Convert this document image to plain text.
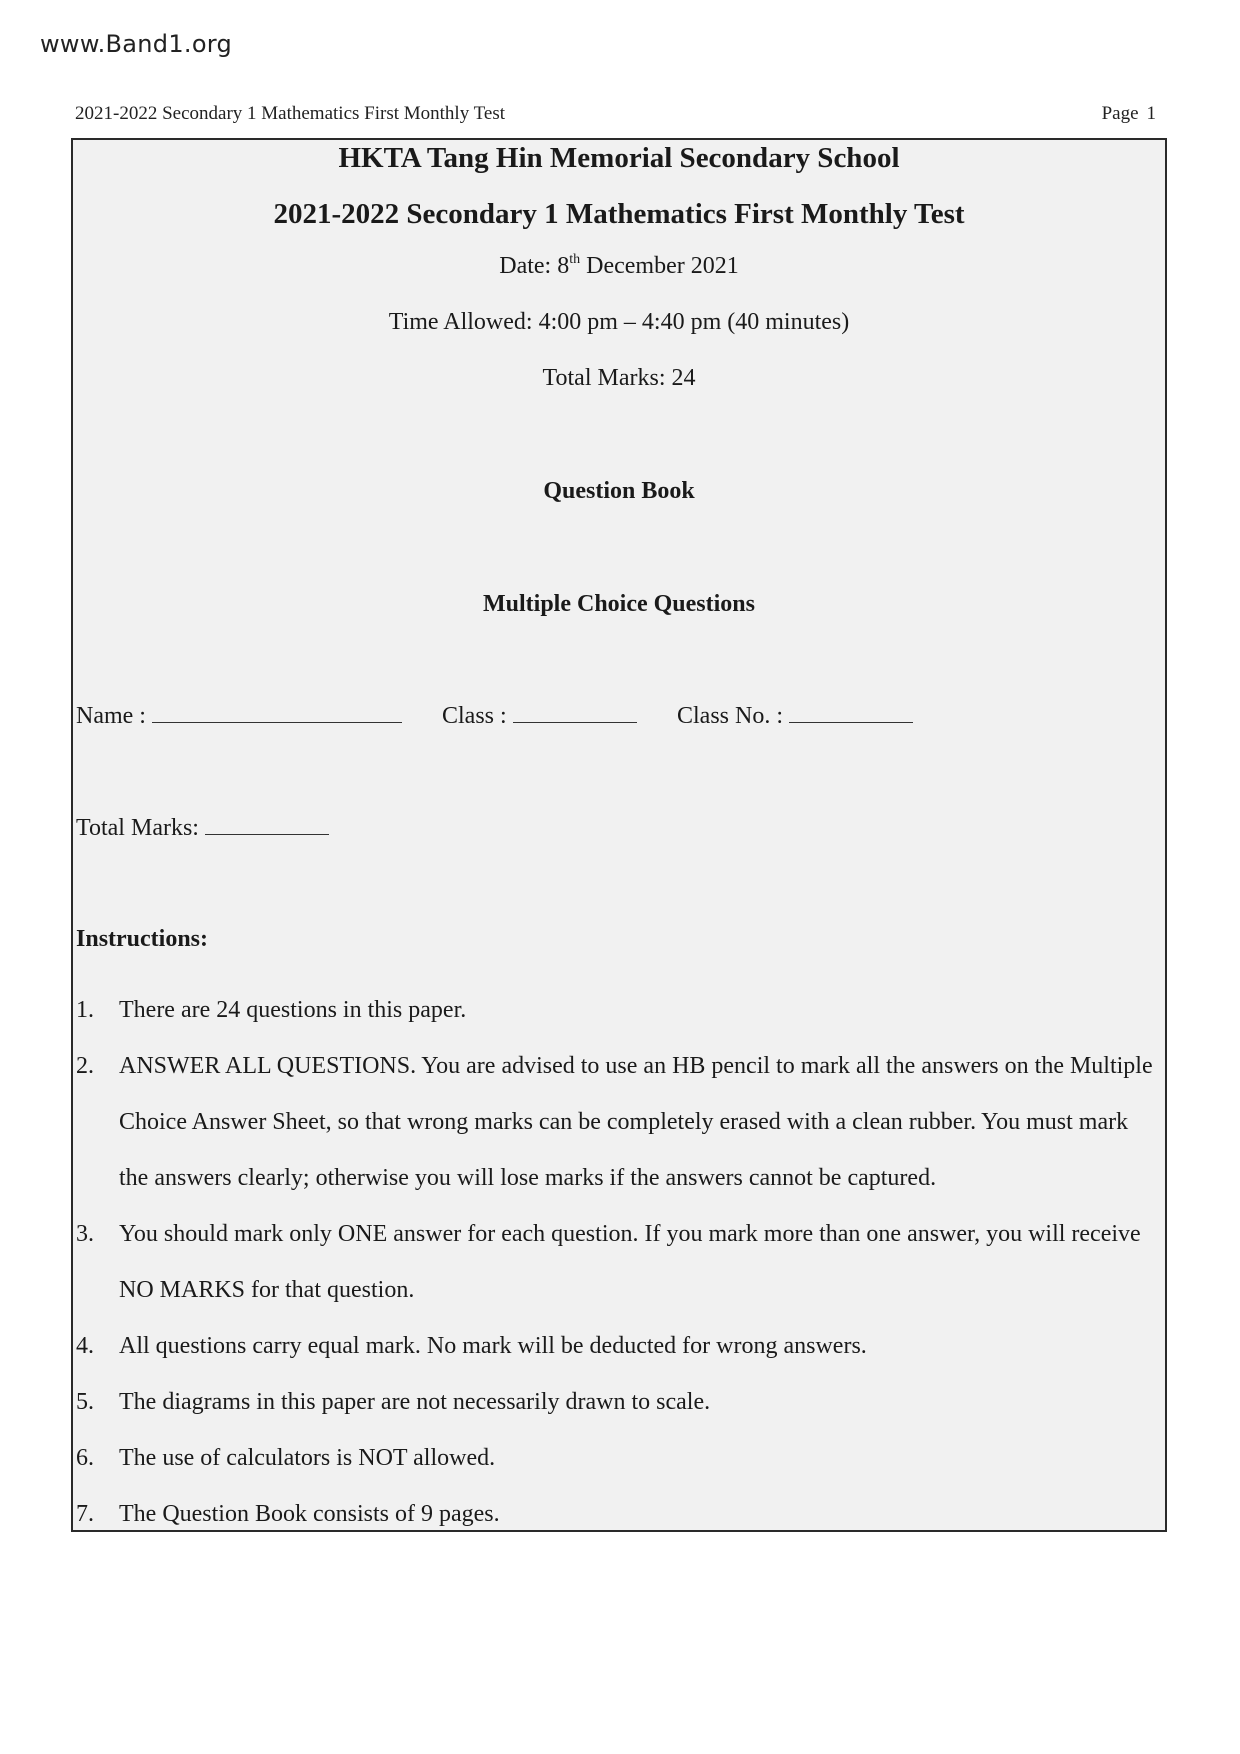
www.Band1.org
2021-2022 Secondary 1 Mathematics First Monthly Test	Page 1
HKTA Tang Hin Memorial Secondary School
2021-2022 Secondary 1 Mathematics First Monthly Test
Date: 8th December 2021
Time Allowed: 4:00 pm – 4:40 pm (40 minutes)
Total Marks: 24
Question Book
Multiple Choice Questions
Name :	Class :	Class No. :
Total Marks:
Instructions:
1. There are 24 questions in this paper.
2. ANSWER ALL QUESTIONS. You are advised to use an HB pencil to mark all the answers on the Multiple Choice Answer Sheet, so that wrong marks can be completely erased with a clean rubber. You must mark the answers clearly; otherwise you will lose marks if the answers cannot be captured.
3. You should mark only ONE answer for each question. If you mark more than one answer, you will receive NO MARKS for that question.
4. All questions carry equal mark. No mark will be deducted for wrong answers.
5. The diagrams in this paper are not necessarily drawn to scale.
6. The use of calculators is NOT allowed.
7. The Question Book consists of 9 pages.
